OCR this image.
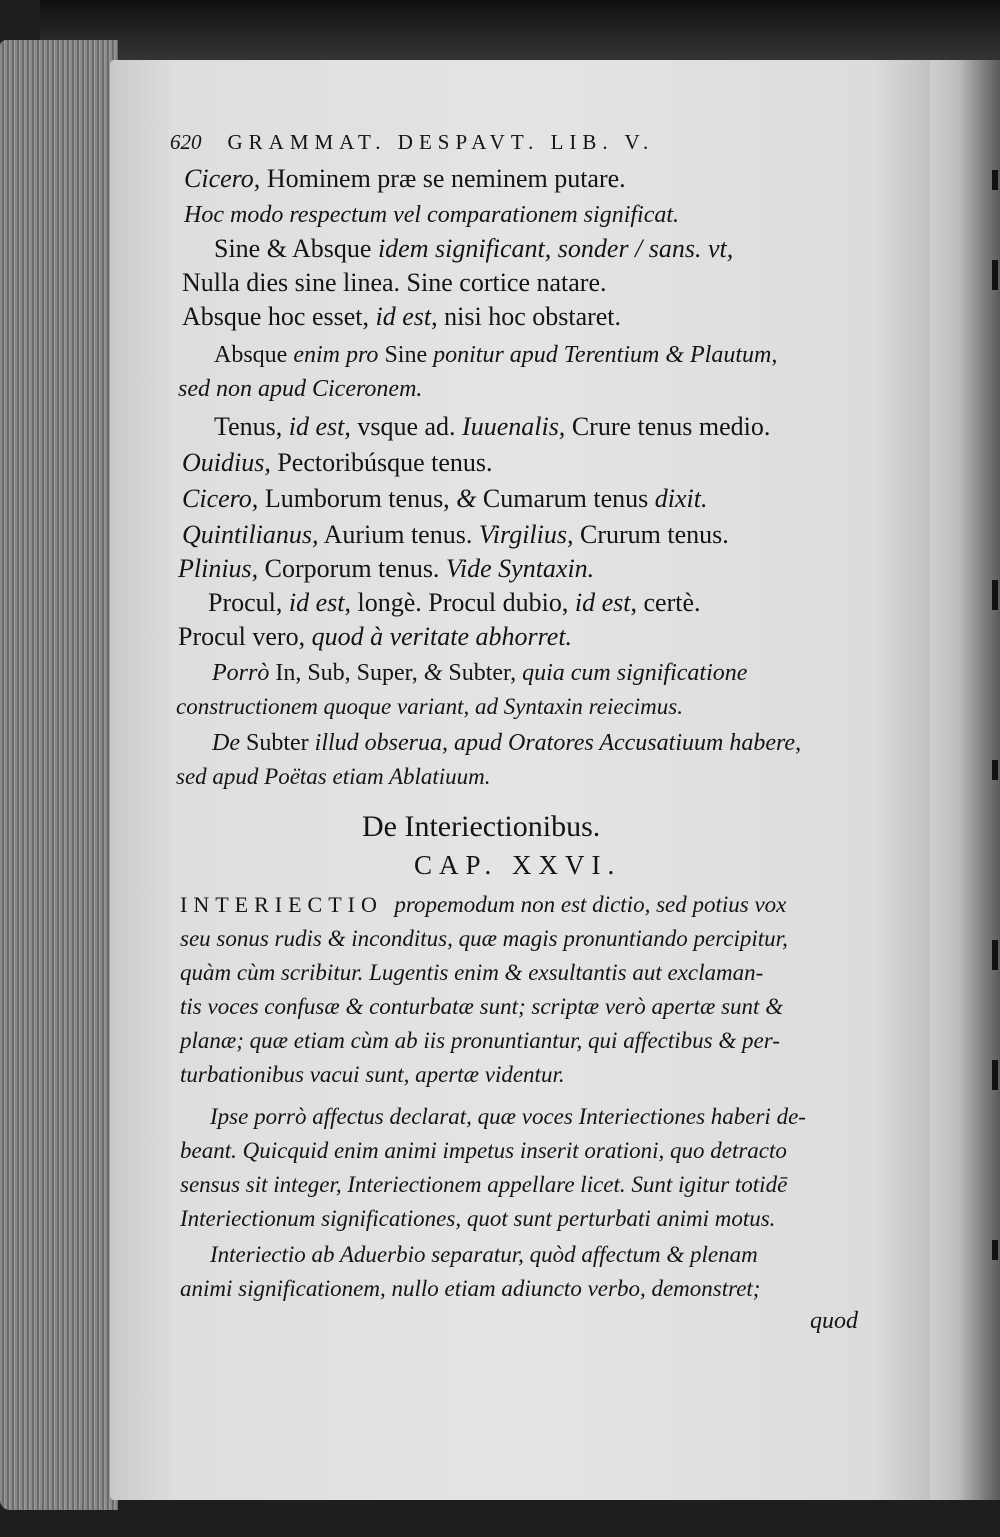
620 GRAMMAT. DESPAVT. LIB. V.
Cicero, Hominem præ se neminem putare.
Hoc modo respectum vel comparationem significat.
Sine & Absque idem significant, sonder / sans. vt,
Nulla dies sine linea. Sine cortice natare.
Absque hoc esset, id est, nisi hoc obstaret.
Absque enim pro Sine ponitur apud Terentium & Plautum,
sed non apud Ciceronem.
Tenus, id est, vsque ad. Iuuenalis, Crure tenus medio.
Ouidius, Pectoribúsque tenus.
Cicero, Lumborum tenus, & Cumarum tenus dixit.
Quintilianus, Aurium tenus. Virgilius, Crurum tenus.
Plinius, Corporum tenus. Vide Syntaxin.
Procul, id est, longè. Procul dubio, id est, certè.
Procul vero, quod à veritate abhorret.
Porrò In, Sub, Super, & Subter, quia cum significatione
constructionem quoque variant, ad Syntaxin reiecimus.
De Subter illud obserua, apud Oratores Accusatiuum habere,
sed apud Poëtas etiam Ablatiuum.
De Interiectionibus.
CAP. XXVI.
INTERIECTIO propemodum non est dictio, sed potius vox
seu sonus rudis & inconditus, quæ magis pronuntiando percipitur,
quàm cùm scribitur. Lugentis enim & exsultantis aut exclaman-
tis voces confusæ & conturbatæ sunt; scriptæ verò apertæ sunt &
planæ; quæ etiam cùm ab iis pronuntiantur, qui affectibus & per-
turbationibus vacui sunt, apertæ videntur.
Ipse porrò affectus declarat, quæ voces Interiectiones haberi de-
beant. Quicquid enim animi impetus inserit orationi, quo detracto
sensus sit integer, Interiectionem appellare licet. Sunt igitur totidē
Interiectionum significationes, quot sunt perturbati animi motus.
Interiectio ab Aduerbio separatur, quòd affectum & plenam
animi significationem, nullo etiam adiuncto verbo, demonstret;
quod
